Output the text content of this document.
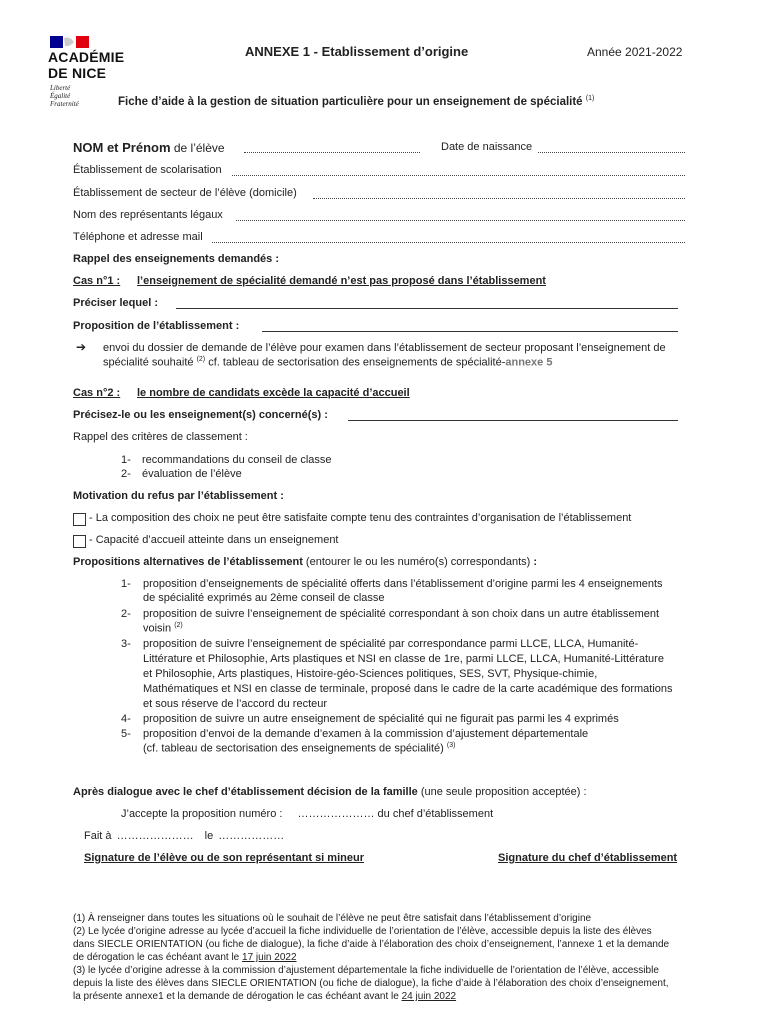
ACADÉMIE
DE NICE
Liberté
Égalité
Fraternité
ANNEXE 1 - Etablissement d’origine	Année 2021-2022
Fiche d’aide à la gestion de situation particulière pour un enseignement de spécialité $^{(1)}$
NOM et Prénom de l’élève	Date de naissance
Établissement de scolarisation
Établissement de secteur de l’élève (domicile)
Nom des représentants légaux
Téléphone et adresse mail
Rappel des enseignements demandés :
Cas n°1 : l’enseignement de spécialité demandé n’est pas proposé dans l’établissement
Préciser lequel :
Proposition de l’établissement :
➔ envoi du dossier de demande de l’élève pour examen dans l’établissement de secteur proposant l’enseignement de
spécialité souhaité $^{(2)}$ cf. tableau de sectorisation des enseignements de spécialité-annexe 5
Cas n°2 : le nombre de candidats excède la capacité d’accueil
Précisez-le ou les enseignement(s) concerné(s) :
Rappel des critères de classement :
1- recommandations du conseil de classe
2- évaluation de l’élève
Motivation du refus par l’établissement :
- La composition des choix ne peut être satisfaite compte tenu des contraintes d’organisation de l’établissement
- Capacité d’accueil atteinte dans un enseignement
Propositions alternatives de l’établissement (entourer le ou les numéro(s) correspondants) :
1- proposition d’enseignements de spécialité offerts dans l’établissement d’origine parmi les 4 enseignements
de spécialité exprimés au 2ème conseil de classe
2- proposition de suivre l’enseignement de spécialité correspondant à son choix dans un autre établissement
voisin $^{(2)}$
3- proposition de suivre l’enseignement de spécialité par correspondance parmi LLCE, LLCA, Humanité-
Littérature et Philosophie, Arts plastiques et NSI en classe de 1re, parmi LLCE, LLCA, Humanité-Littérature
et Philosophie, Arts plastiques, Histoire-géo-Sciences politiques, SES, SVT, Physique-chimie,
Mathématiques et NSI en classe de terminale, proposé dans le cadre de la carte académique des formations
et sous réserve de l’accord du recteur
4- proposition de suivre un autre enseignement de spécialité qui ne figurait pas parmi les 4 exprimés
5- proposition d’envoi de la demande d’examen à la commission d’ajustement départementale
(cf. tableau de sectorisation des enseignements de spécialité) $^{(3)}$
Après dialogue avec le chef d’établissement décision de la famille (une seule proposition acceptée) :
J’accepte la proposition numéro : ………………… du chef d’établissement
Fait à ………………… le ………………
Signature de l’élève ou de son représentant si mineur	Signature du chef d’établissement
(1) À renseigner dans toutes les situations où le souhait de l’élève ne peut être satisfait dans l’établissement d’origine
(2) Le lycée d’origine adresse au lycée d’accueil la fiche individuelle de l’orientation de l’élève, accessible depuis la liste des élèves
dans SIECLE ORIENTATION (ou fiche de dialogue), la fiche d’aide à l’élaboration des choix d’enseignement, l’annexe 1 et la demande
de dérogation le cas échéant avant le 17 juin 2022
(3) le lycée d’origine adresse à la commission d’ajustement départementale la fiche individuelle de l’orientation de l’élève, accessible
depuis la liste des élèves dans SIECLE ORIENTATION (ou fiche de dialogue), la fiche d’aide à l’élaboration des choix d’enseignement,
la présente annexe1 et la demande de dérogation le cas échéant avant le 24 juin 2022
